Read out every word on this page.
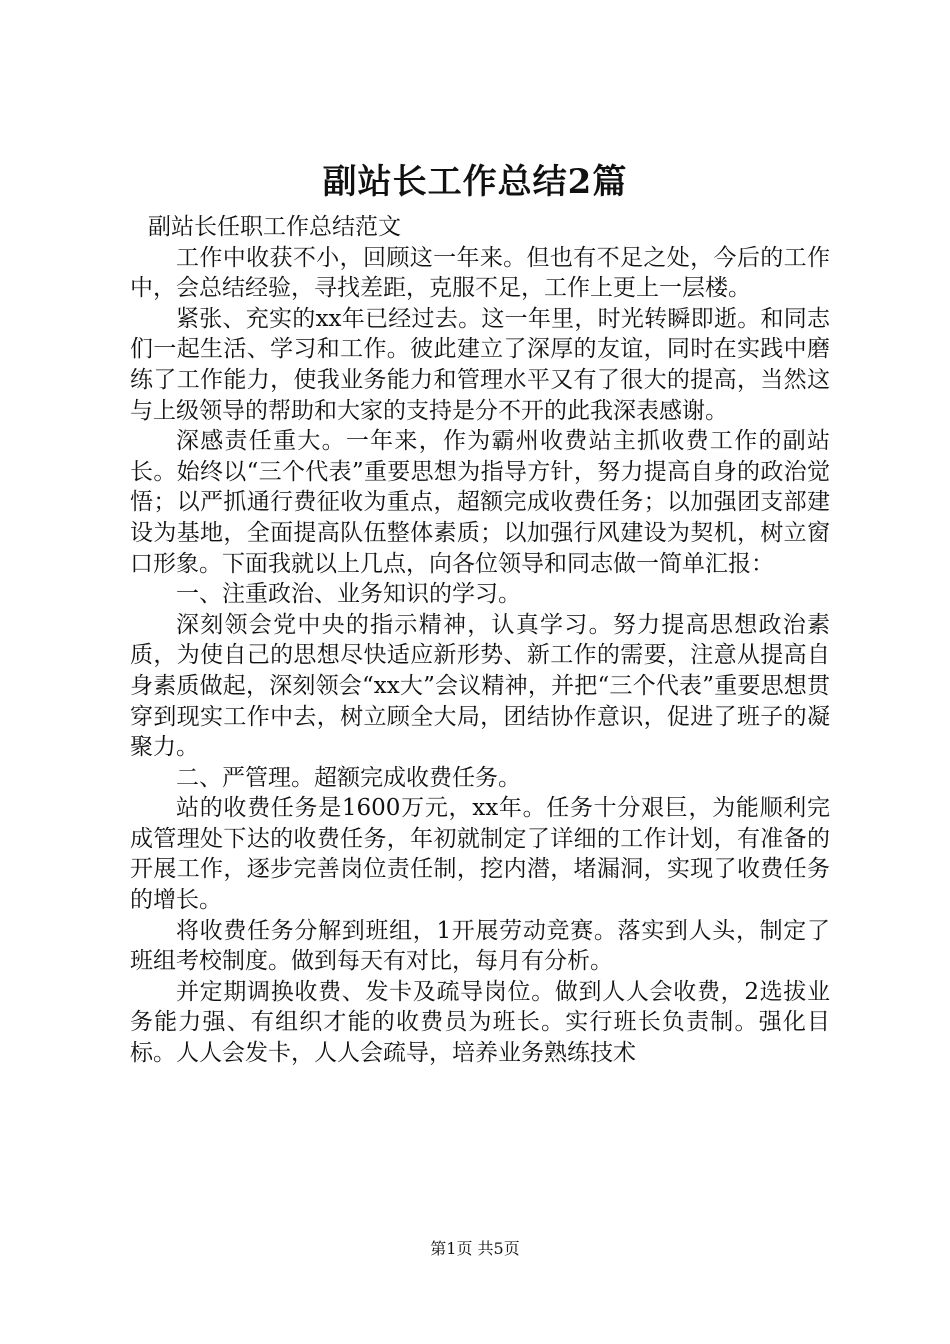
副站长工作总结2篇

副站长任职工作总结范文

工作中收获不小，回顾这一年来。但也有不足之处，今后的工作中，会总结经验，寻找差距，克服不足，工作上更上一层楼。

紧张、充实的xx年已经过去。这一年里，时光转瞬即逝。和同志们一起生活、学习和工作。彼此建立了深厚的友谊，同时在实践中磨练了工作能力，使我业务能力和管理水平又有了很大的提高，当然这与上级领导的帮助和大家的支持是分不开的此我深表感谢。

深感责任重大。一年来，作为霸州收费站主抓收费工作的副站长。始终以“三个代表”重要思想为指导方针，努力提高自身的政治觉悟；以严抓通行费征收为重点，超额完成收费任务；以加强团支部建设为基地，全面提高队伍整体素质；以加强行风建设为契机，树立窗口形象。下面我就以上几点，向各位领导和同志做一简单汇报：

一、注重政治、业务知识的学习。

深刻领会党中央的指示精神，认真学习。努力提高思想政治素质，为使自己的思想尽快适应新形势、新工作的需要，注意从提高自身素质做起，深刻领会“xx大”会议精神，并把“三个代表”重要思想贯穿到现实工作中去，树立顾全大局，团结协作意识，促进了班子的凝聚力。

二、严管理。超额完成收费任务。

站的收费任务是1600万元，xx年。任务十分艰巨，为能顺利完成管理处下达的收费任务，年初就制定了详细的工作计划，有准备的开展工作，逐步完善岗位责任制，挖内潜，堵漏洞，实现了收费任务的增长。

将收费任务分解到班组，1开展劳动竞赛。落实到人头，制定了班组考校制度。做到每天有对比，每月有分析。

并定期调换收费、发卡及疏导岗位。做到人人会收费，2选拔业务能力强、有组织才能的收费员为班长。实行班长负责制。强化目标。人人会发卡，人人会疏导，培养业务熟练技术

第1页 共5页
